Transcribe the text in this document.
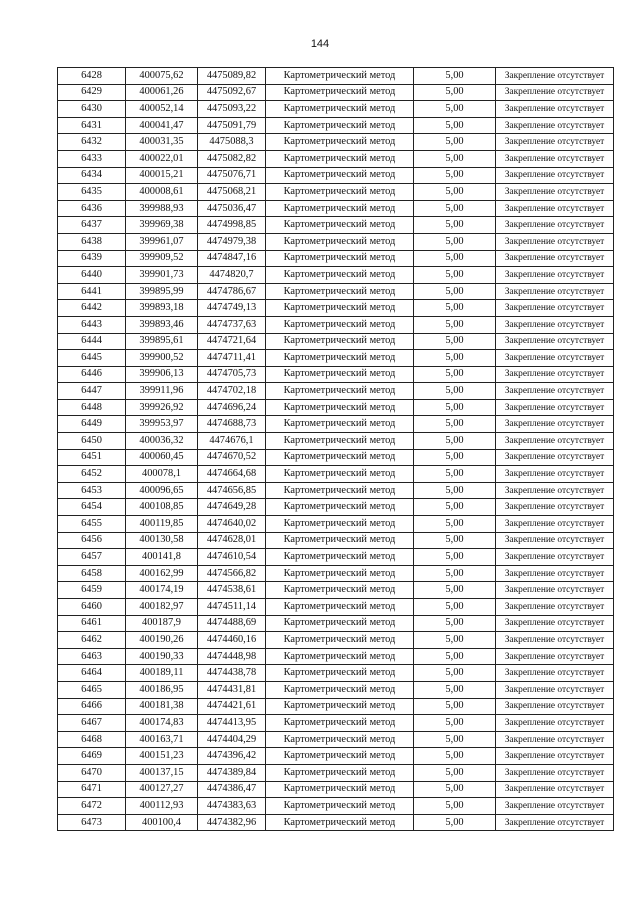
144
6428	400075,62	4475089,82	Картометрический метод	5,00	Закрепление отсутствует
6429	400061,26	4475092,67	Картометрический метод	5,00	Закрепление отсутствует
6430	400052,14	4475093,22	Картометрический метод	5,00	Закрепление отсутствует
6431	400041,47	4475091,79	Картометрический метод	5,00	Закрепление отсутствует
6432	400031,35	4475088,3	Картометрический метод	5,00	Закрепление отсутствует
6433	400022,01	4475082,82	Картометрический метод	5,00	Закрепление отсутствует
6434	400015,21	4475076,71	Картометрический метод	5,00	Закрепление отсутствует
6435	400008,61	4475068,21	Картометрический метод	5,00	Закрепление отсутствует
6436	399988,93	4475036,47	Картометрический метод	5,00	Закрепление отсутствует
6437	399969,38	4474998,85	Картометрический метод	5,00	Закрепление отсутствует
6438	399961,07	4474979,38	Картометрический метод	5,00	Закрепление отсутствует
6439	399909,52	4474847,16	Картометрический метод	5,00	Закрепление отсутствует
6440	399901,73	4474820,7	Картометрический метод	5,00	Закрепление отсутствует
6441	399895,99	4474786,67	Картометрический метод	5,00	Закрепление отсутствует
6442	399893,18	4474749,13	Картометрический метод	5,00	Закрепление отсутствует
6443	399893,46	4474737,63	Картометрический метод	5,00	Закрепление отсутствует
6444	399895,61	4474721,64	Картометрический метод	5,00	Закрепление отсутствует
6445	399900,52	4474711,41	Картометрический метод	5,00	Закрепление отсутствует
6446	399906,13	4474705,73	Картометрический метод	5,00	Закрепление отсутствует
6447	399911,96	4474702,18	Картометрический метод	5,00	Закрепление отсутствует
6448	399926,92	4474696,24	Картометрический метод	5,00	Закрепление отсутствует
6449	399953,97	4474688,73	Картометрический метод	5,00	Закрепление отсутствует
6450	400036,32	4474676,1	Картометрический метод	5,00	Закрепление отсутствует
6451	400060,45	4474670,52	Картометрический метод	5,00	Закрепление отсутствует
6452	400078,1	4474664,68	Картометрический метод	5,00	Закрепление отсутствует
6453	400096,65	4474656,85	Картометрический метод	5,00	Закрепление отсутствует
6454	400108,85	4474649,28	Картометрический метод	5,00	Закрепление отсутствует
6455	400119,85	4474640,02	Картометрический метод	5,00	Закрепление отсутствует
6456	400130,58	4474628,01	Картометрический метод	5,00	Закрепление отсутствует
6457	400141,8	4474610,54	Картометрический метод	5,00	Закрепление отсутствует
6458	400162,99	4474566,82	Картометрический метод	5,00	Закрепление отсутствует
6459	400174,19	4474538,61	Картометрический метод	5,00	Закрепление отсутствует
6460	400182,97	4474511,14	Картометрический метод	5,00	Закрепление отсутствует
6461	400187,9	4474488,69	Картометрический метод	5,00	Закрепление отсутствует
6462	400190,26	4474460,16	Картометрический метод	5,00	Закрепление отсутствует
6463	400190,33	4474448,98	Картометрический метод	5,00	Закрепление отсутствует
6464	400189,11	4474438,78	Картометрический метод	5,00	Закрепление отсутствует
6465	400186,95	4474431,81	Картометрический метод	5,00	Закрепление отсутствует
6466	400181,38	4474421,61	Картометрический метод	5,00	Закрепление отсутствует
6467	400174,83	4474413,95	Картометрический метод	5,00	Закрепление отсутствует
6468	400163,71	4474404,29	Картометрический метод	5,00	Закрепление отсутствует
6469	400151,23	4474396,42	Картометрический метод	5,00	Закрепление отсутствует
6470	400137,15	4474389,84	Картометрический метод	5,00	Закрепление отсутствует
6471	400127,27	4474386,47	Картометрический метод	5,00	Закрепление отсутствует
6472	400112,93	4474383,63	Картометрический метод	5,00	Закрепление отсутствует
6473	400100,4	4474382,96	Картометрический метод	5,00	Закрепление отсутствует
